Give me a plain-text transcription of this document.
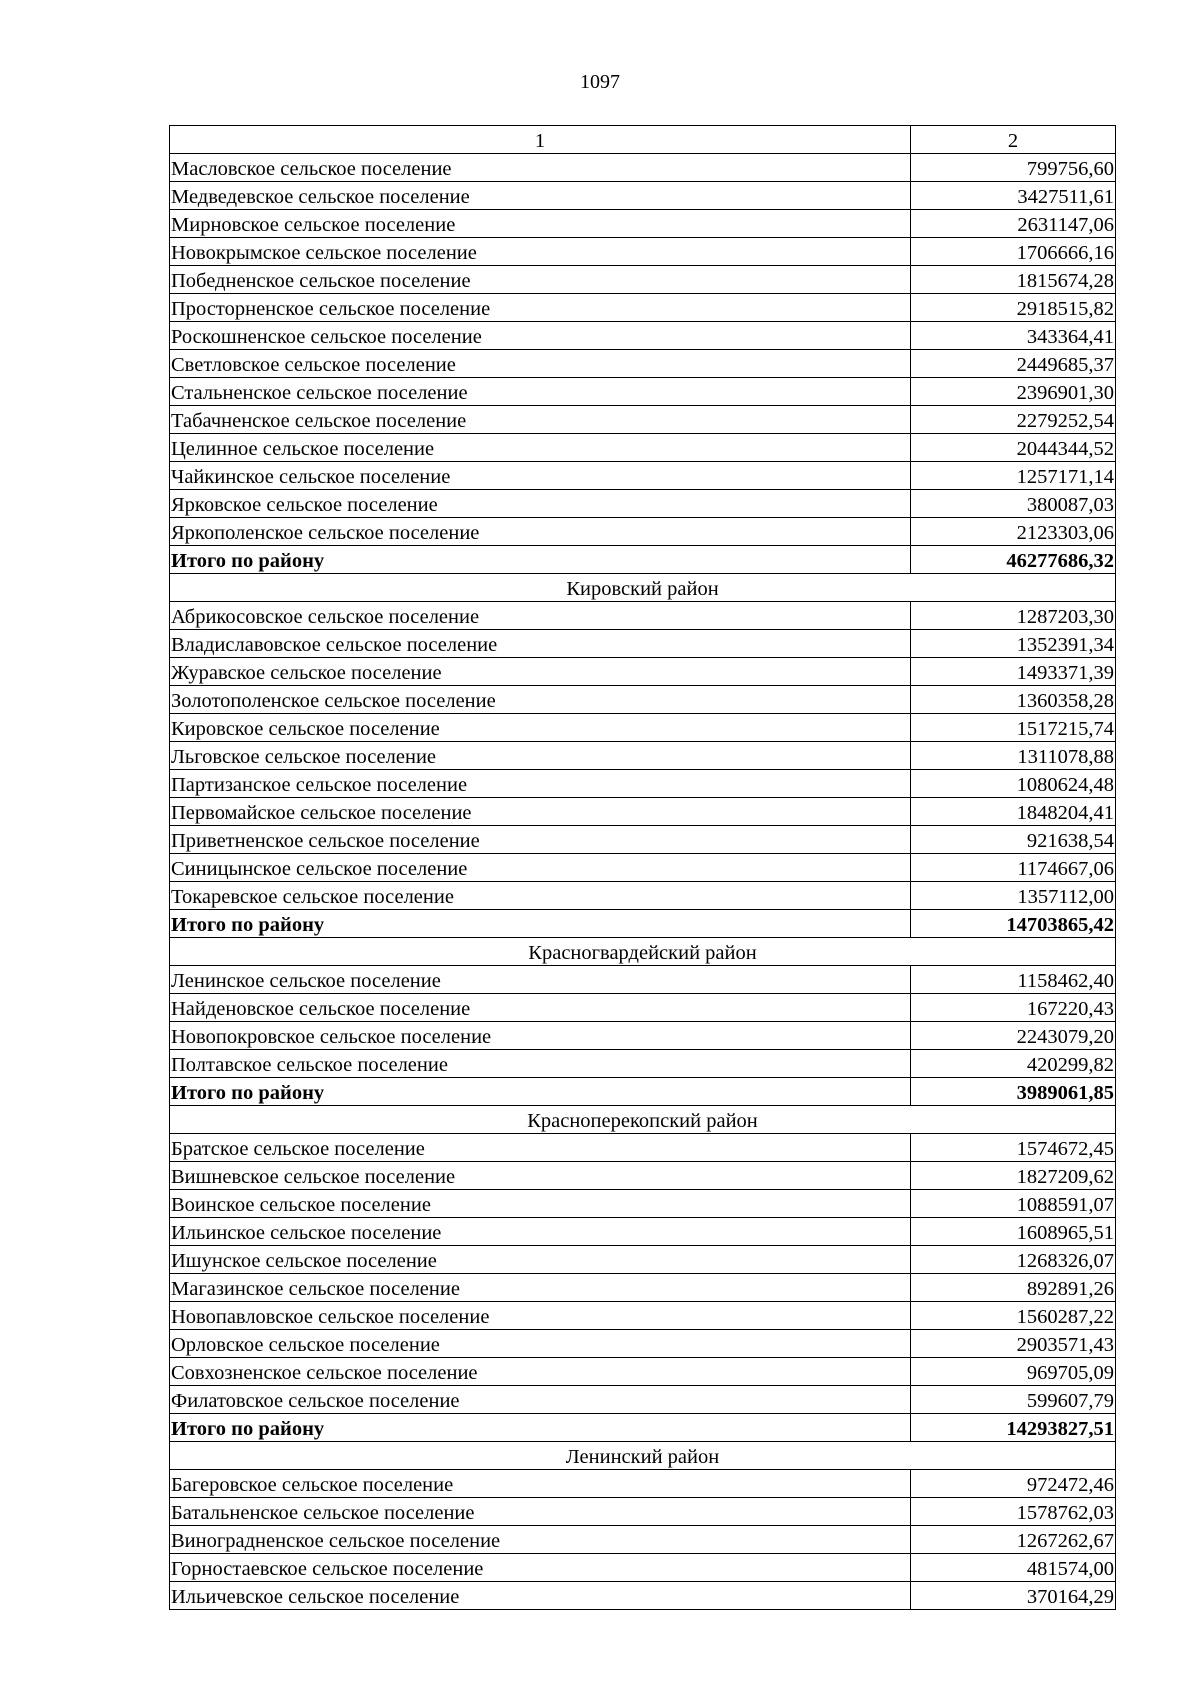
1097
1	2
Масловское сельское поселение	799756,60
Медведевское сельское поселение	3427511,61
Мирновское сельское поселение	2631147,06
Новокрымское сельское поселение	1706666,16
Победненское сельское поселение	1815674,28
Просторненское сельское поселение	2918515,82
Роскошненское сельское поселение	343364,41
Светловское сельское поселение	2449685,37
Стальненское сельское поселение	2396901,30
Табачненское сельское поселение	2279252,54
Целинное сельское поселение	2044344,52
Чайкинское сельское поселение	1257171,14
Ярковское сельское поселение	380087,03
Яркополенское сельское поселение	2123303,06
Итого по району	46277686,32
Кировский район	
Абрикосовское сельское поселение	1287203,30
Владиславовское сельское поселение	1352391,34
Журавское сельское поселение	1493371,39
Золотополенское сельское поселение	1360358,28
Кировское сельское поселение	1517215,74
Льговское сельское поселение	1311078,88
Партизанское сельское поселение	1080624,48
Первомайское сельское поселение	1848204,41
Приветненское сельское поселение	921638,54
Синицынское сельское поселение	1174667,06
Токаревское сельское поселение	1357112,00
Итого по району	14703865,42
Красногвардейский район	
Ленинское сельское поселение	1158462,40
Найденовское сельское поселение	167220,43
Новопокровское сельское поселение	2243079,20
Полтавское сельское поселение	420299,82
Итого по району	3989061,85
Красноперекопский район	
Братское сельское поселение	1574672,45
Вишневское сельское поселение	1827209,62
Воинское сельское поселение	1088591,07
Ильинское сельское поселение	1608965,51
Ишунское сельское поселение	1268326,07
Магазинское сельское поселение	892891,26
Новопавловское сельское поселение	1560287,22
Орловское сельское поселение	2903571,43
Совхозненское сельское поселение	969705,09
Филатовское сельское поселение	599607,79
Итого по району	14293827,51
Ленинский район	
Багеровское сельское поселение	972472,46
Батальненское сельское поселение	1578762,03
Виноградненское сельское поселение	1267262,67
Горностаевское сельское поселение	481574,00
Ильичевское сельское поселение	370164,29
